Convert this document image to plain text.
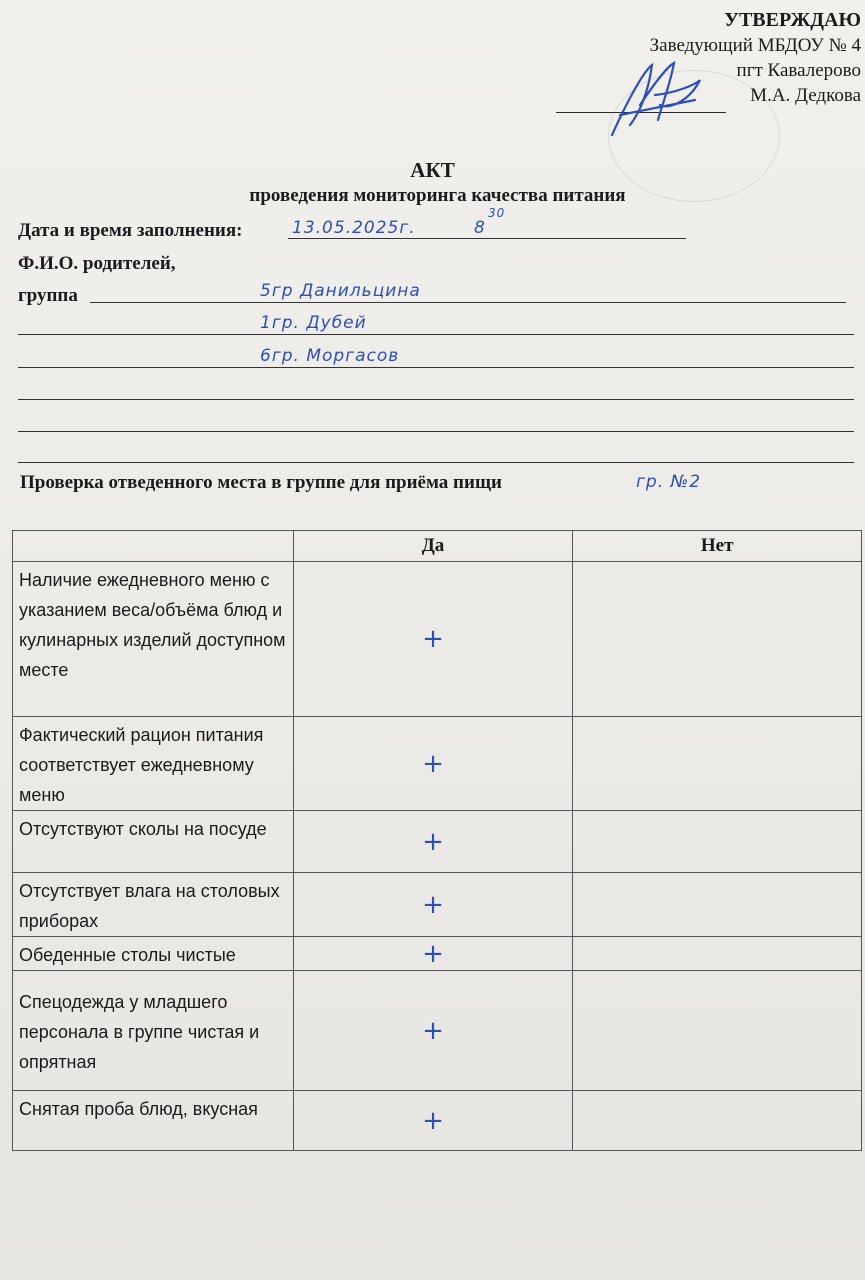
УТВЕРЖДАЮ
Заведующий МБДОУ № 4
пгт Кавалерово
М.А. Дедкова
АКТ
проведения мониторинга качества питания
Дата и время заполнения:	13.05.2025г.	8
30
Ф.И.О. родителей,
группа	5гр Данильцина
1гр. Дубей
6гр. Моргасов
Проверка отведенного места в группе для приёма пищи	гр. №2
	Да	Нет
Наличие ежедневного меню с указанием веса/объёма блюд и кулинарных изделий доступном месте	+	
Фактический рацион питания соответствует ежедневному меню	+	
Отсутствуют сколы на посуде	+	
Отсутствует влага на столовых приборах	+	
Обеденные столы чистые	+	
Спецодежда у младшего персонала в группе чистая и опрятная	+	
Снятая проба блюд, вкусная	+	
